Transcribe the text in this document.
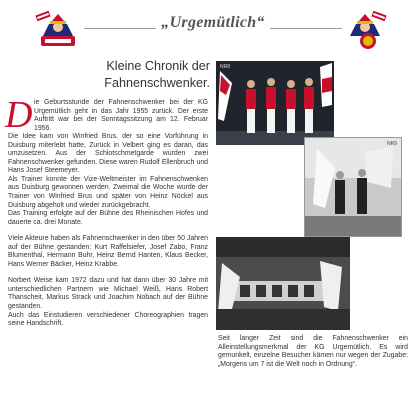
„Urgemütlich“
Kleine Chronik der
Fahnenschwenker.
D ie Geburtsstunde der Fahnenschwenker bei der KG Urgemütlich geht in das Jahr 1955 zurück. Der erste Auftritt war bei der Sonntagssitzung am 12. Februar 1956.

Die Idee kam von Winfried Brus, der so eine Vorführung in Duisburg miterlebt hatte, Zurück in Velbert ging es daran, das umzusetzen. Aus der Schlotschmetgarde wurden zwei Fahnenschwenker gefunden. Diese waren Rudolf Ellenbruch und Hans Josef Steemeyer.

Als Trainer konnte der Vize-Weltmeister im Fahnenschwenken aus Duisburg gewonnen werden. Zweimal die Woche wurde der Trainer von Winfried Brus und später von Heinz Nöckel aus Duisburg abgeholt und wieder zurückgebracht.

Das Training erfolgte auf der Bühne des Rheinischen Hofes und dauerte ca. drei Monate.

Viele Akteure haben als Fahnenschwenker in den über 50 Jahren auf der Bühne gestanden: Kurt Raffelsiefer, Josef Zabo, Franz Blumenthal, Hermann Buhr, Heinz Bernd Hanten, Klaus Becker, Hans Werner Bäcker, Heinz Krabbe.

Norbert Weise kam 1972 dazu und hat dann über 30 Jahre mit unterschiedlichen Partnern wie Michael Weiß, Hans Robert Thanscheit, Markus Strack und Joachim Nobach auf der Bühne gestanden.

Auch das Einstudieren verschiedener Choreographien tragen seine Handschrift.

NR8
NR9
Seit langer Zeit sind die Fahnenschwenker ein Alleinstellungsmerkmal der KG Urgemütlich. Es wird gemunkelt, einzelne Besucher kämen nur wegen der Zugabe: „Morgens um 7 ist die Welt noch in Ordnung“.
